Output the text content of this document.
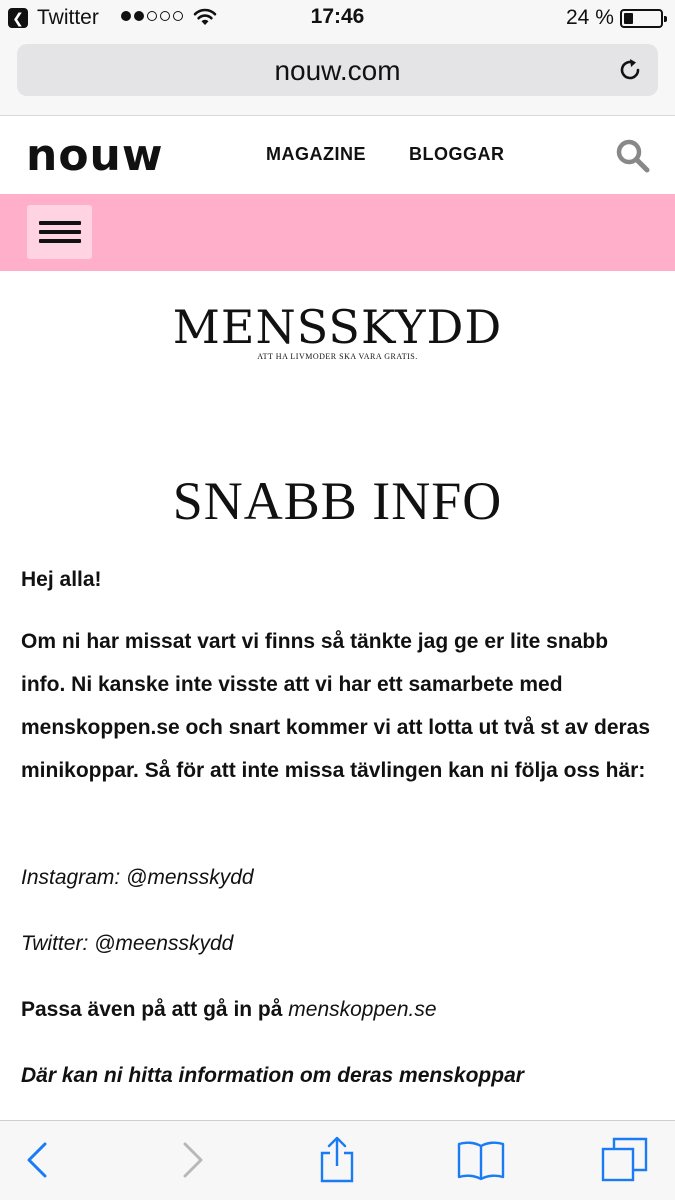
❮ Twitter	17:46	24 %
nouw.com
nouw	MAGAZINE BLOGGAR
MENSSKYDD
ATT HA LIVMODER SKA VARA GRATIS.
SNABB INFO

Hej alla!

Om ni har missat vart vi finns så tänkte jag ge er lite snabb info. Ni kanske inte visste att vi har ett samarbete med menskoppen.se och snart kommer vi att lotta ut två st av deras minikoppar. Så för att inte missa tävlingen kan ni följa oss här:

Instagram: @mensskydd
Twitter: @meensskydd
Passa även på att gå in på menskoppen.se
Där kan ni hitta information om deras menskoppar
